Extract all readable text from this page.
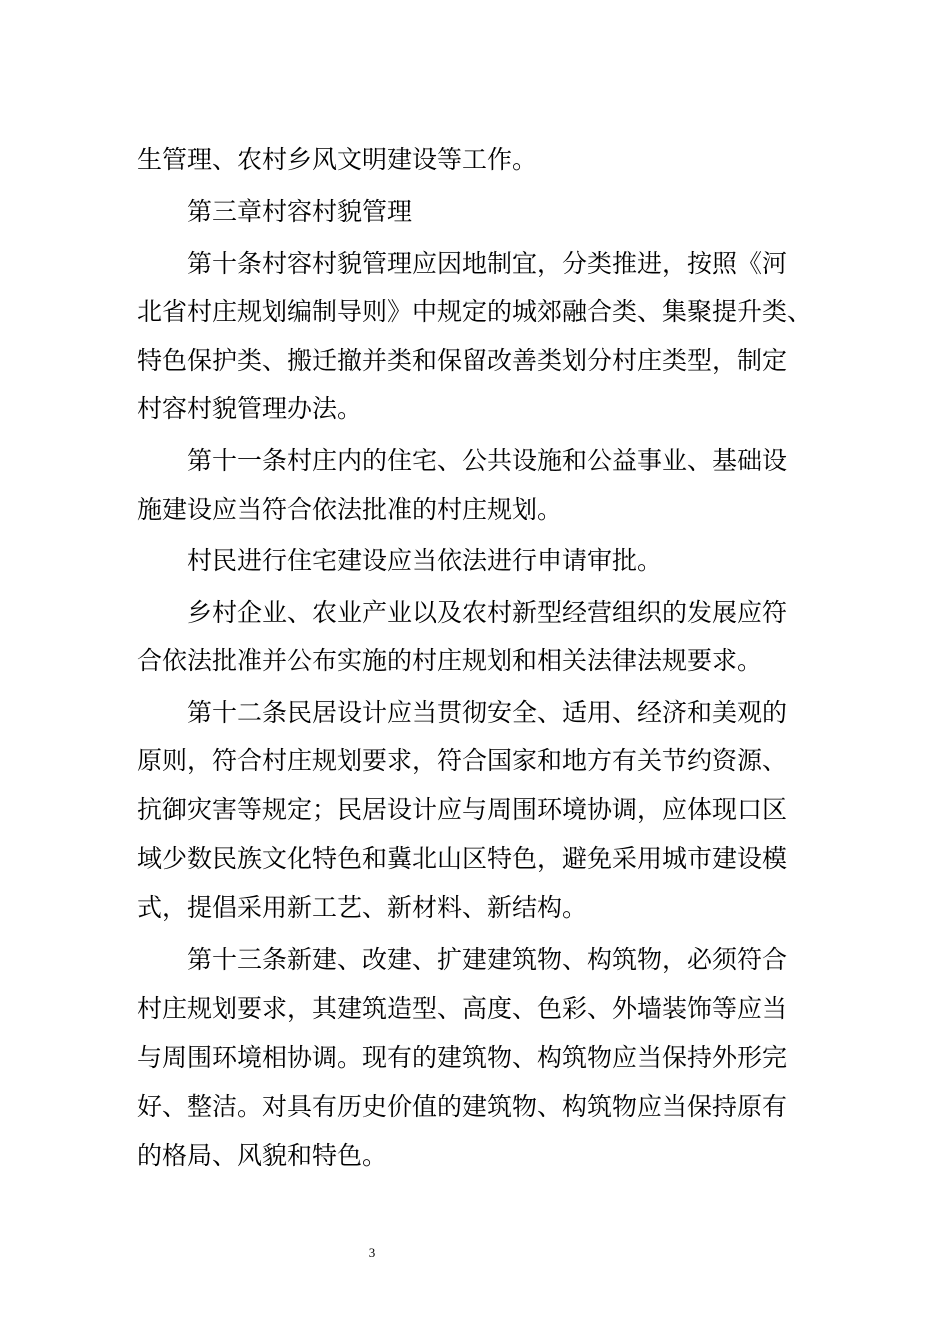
生管理、农村乡风文明建设等工作。
第三章村容村貌管理
第十条村容村貌管理应因地制宜，分类推进，按照《河
北省村庄规划编制导则》中规定的城郊融合类、集聚提升类、
特色保护类、搬迁撤并类和保留改善类划分村庄类型，制定
村容村貌管理办法。
第十一条村庄内的住宅、公共设施和公益事业、基础设
施建设应当符合依法批准的村庄规划。
村民进行住宅建设应当依法进行申请审批。
乡村企业、农业产业以及农村新型经营组织的发展应符
合依法批准并公布实施的村庄规划和相关法律法规要求。
第十二条民居设计应当贯彻安全、适用、经济和美观的
原则，符合村庄规划要求，符合国家和地方有关节约资源、
抗御灾害等规定；民居设计应与周围环境协调，应体现口区
域少数民族文化特色和冀北山区特色，避免采用城市建设模
式，提倡采用新工艺、新材料、新结构。
第十三条新建、改建、扩建建筑物、构筑物，必须符合
村庄规划要求，其建筑造型、高度、色彩、外墙装饰等应当
与周围环境相协调。现有的建筑物、构筑物应当保持外形完
好、整洁。对具有历史价值的建筑物、构筑物应当保持原有
的格局、风貌和特色。
3
